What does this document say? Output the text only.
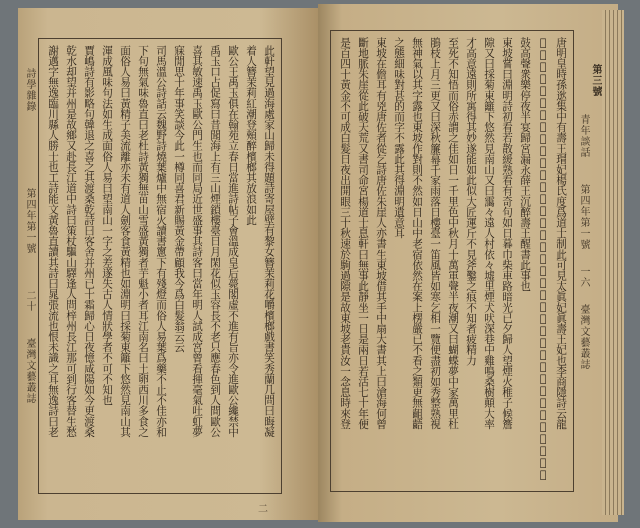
詩學雜錄
第四年第一號
二十
臺灣文藝叢誌	此軒望見過海處家山歸未得題詩寄屋壁有黎女簪茉莉花嚼檳榔戲書笑秀蘭几問曰晦凝
着人簪茉莉紅潮登頰醉檳榔其放浪如此
歐公王禹玉俱在翰苑立春日當進詩帖子會溫成皇后薨閣虛不進有旨亦令進歐公纔禁中
禹玉口占促寫曰昔聞海上有三山煙鎖樓臺日月閑花似玉容長不老只應春色到人間歐公
喜其敏速禹玉歐公門生也而同局近世盛事其詩客曰當年明人試成宮曾看揮毫氣吐虹夢
寐閒思十年事笑談今此一樽同喜君新賜黃金帶顧我今爲白髮翁云云
司馬溫公詩話云魏野詩燒葉爐中無宿火讀書窻下有殘燈而俗人易葉爲藥不止不佳亦和
下句無氣味魯直曰老杜詩黃獨無苗山雪盛黃獨者芋魁小者耳江南名曰土卵西川多食之
面俗人易曰黃精子美流離亦未有道人劍客食黃精也如淵明曰採菊東籬下悠然見南山其
渾成風味句法如生成面俗人易曰望南山一字之差遂失古人情狀學者不可不知也
賈嶋詩有影略句韓退之喜之其渡桑乾詩曰客舍并州已十霜歸心日夜憶咸陽如今更渡桑
乾水却望并州是故鄉又赴長江道中詩曰策杖驅山驛逢人問梓州長江那可到行客替生愁
謝邁字無逸臨川縣人勝士也工詩能文黃魯直讀其詩曰晁張流也恨未識之耳無逸詩曰老
二
唐明皇時孫逖集中有壽王瑁妃楊氏度爲道士制此可見太眞妃眞壽王妃也李商隱詩云龍
𥬟飛泉泛暖香九龍呵護玉蓮房平明每幸長生殿不從金輿惟壽王又云龍池賜酒敞雲屏羯
鼓高聲衆樂停夜半宴歸宮漏永薛王沉醉壽王醒書此事也
東坡嘗曰淵明詩初看若散緩熟看有奇句如日暮巾柴車路暗光已夕歸人望煙火稚子候簷
隙又曰採菊東籬下悠然見南山又曰靄々遠人村依々墟里煙犬吠深巷中雞鳴桑樹顛大率
才高意遠則所寓得其妙遂能如此似大匠運斤不見斧鑿之痕不知者疲精力
至死不知悟而俗赤謂之佳如日一千里色中秋月十萬軍聲半夜潮又曰蝴蝶夢中家萬里杜
鵑枝上月三更又曰深秋簾幕千家雨落日樓臺一笛風皆如寒乞相一覽便盡初如秀整熟視
無神氣以其字露也東坡作對則不然如日山中老宿依然在案上楞嚴已不看之類更無齟齬
之態細味對甚的而字不露此其得淵明遺意耳
東坡在儋耳有兇唐佐者從乞詩唐佐朱崖人亦書生東坡借其手中扇大書其上曰滄海何曾
斷地脈朱崖從此破天荒又書司命宮楊道士息軒曰無事此靜坐一日是兩日若活七十年便
是百四十黃金不可成白髮日夜出開眼三十秋速於駒過隙是故東坡老貴汝一念息時來登	第三號
青年談話
第四年第一號
一六
臺灣文藝叢誌
